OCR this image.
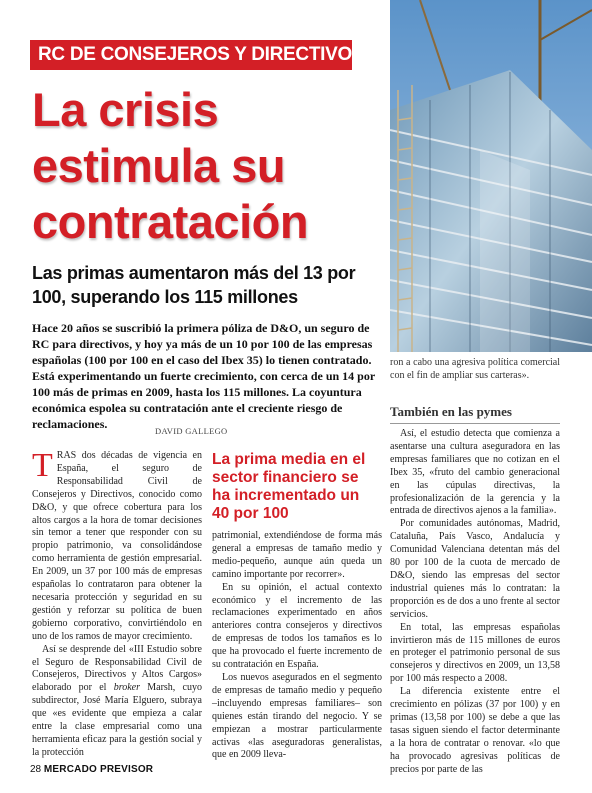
RC DE CONSEJEROS Y DIRECTIVOS
La crisis
estimula su
contratación
Las primas aumentaron más del 13 por 100, superando los 115 millones
Hace 20 años se suscribió la primera póliza de D&O, un seguro de RC para directivos, y hoy ya más de un 10 por 100 de las empresas españolas (100 por 100 en el caso del Ibex 35) lo tienen contratado. Está experimentando un fuerte crecimiento, con cerca de un 14 por 100 más de primas en 2009, hasta los 115 millones. La coyuntura económica espolea su contratación ante el creciente riesgo de reclamaciones.
ron a cabo una agresiva política comercial con el fin de ampliar sus carteras».
También en las pymes
DAVID GALLEGO

TRAS dos décadas de vigencia en España, el seguro de Responsabilidad Civil de Consejeros y Directivos, conocido como D&O, y que ofrece cobertura para los altos cargos a la hora de tomar decisiones sin temor a tener que responder con su propio patrimonio, va consolidándose como herramienta de gestión empresarial. En 2009, un 37 por 100 más de empresas españolas lo contrataron para obtener la necesaria protección y seguridad en su gestión y reforzar su política de buen gobierno corporativo, convirtiéndolo en uno de los ramos de mayor crecimiento.

Así se desprende del «III Estudio sobre el Seguro de Responsabilidad Civil de Consejeros, Directivos y Altos Cargos» elaborado por el broker Marsh, cuyo subdirector, José María Elguero, subraya que «es evidente que empieza a calar entre la clase empresarial como una herramienta eficaz para la gestión social y la protección

La prima media en el sector financiero se ha incrementado un 40 por 100

patrimonial, extendiéndose de forma más general a empresas de tamaño medio y medio-pequeño, aunque aún queda un camino importante por recorrer».

En su opinión, el actual contexto económico y el incremento de las reclamaciones experimentado en años anteriores contra consejeros y directivos de empresas de todos los tamaños es lo que ha provocado el fuerte incremento de su contratación en España.

Los nuevos asegurados en el segmento de empresas de tamaño medio y pequeño –incluyendo empresas familiares– son quienes están tirando del negocio. Y se empiezan a mostrar particularmente activas «las aseguradoras generalistas, que en 2009 lleva-

Así, el estudio detecta que comienza a asentarse una cultura aseguradora en las empresas familiares que no cotizan en el Ibex 35, «fruto del cambio generacional en las cúpulas directivas, la profesionalización de la gerencia y la entrada de directivos ajenos a la familia».

Por comunidades autónomas, Madrid, Cataluña, País Vasco, Andalucía y Comunidad Valenciana detentan más del 80 por 100 de la cuota de mercado de D&O, siendo las empresas del sector industrial quienes más lo contratan: la proporción es de dos a uno frente al sector servicios.

En total, las empresas españolas invirtieron más de 115 millones de euros en proteger el patrimonio personal de sus consejeros y directivos en 2009, un 13,58 por 100 más respecto a 2008.

La diferencia existente entre el crecimiento en pólizas (37 por 100) y en primas (13,58 por 100) se debe a que las tasas siguen siendo el factor determinante a la hora de contratar o renovar. «lo que ha provocado agresivas políticas de precios por parte de las

28 MERCADO PREVISOR
